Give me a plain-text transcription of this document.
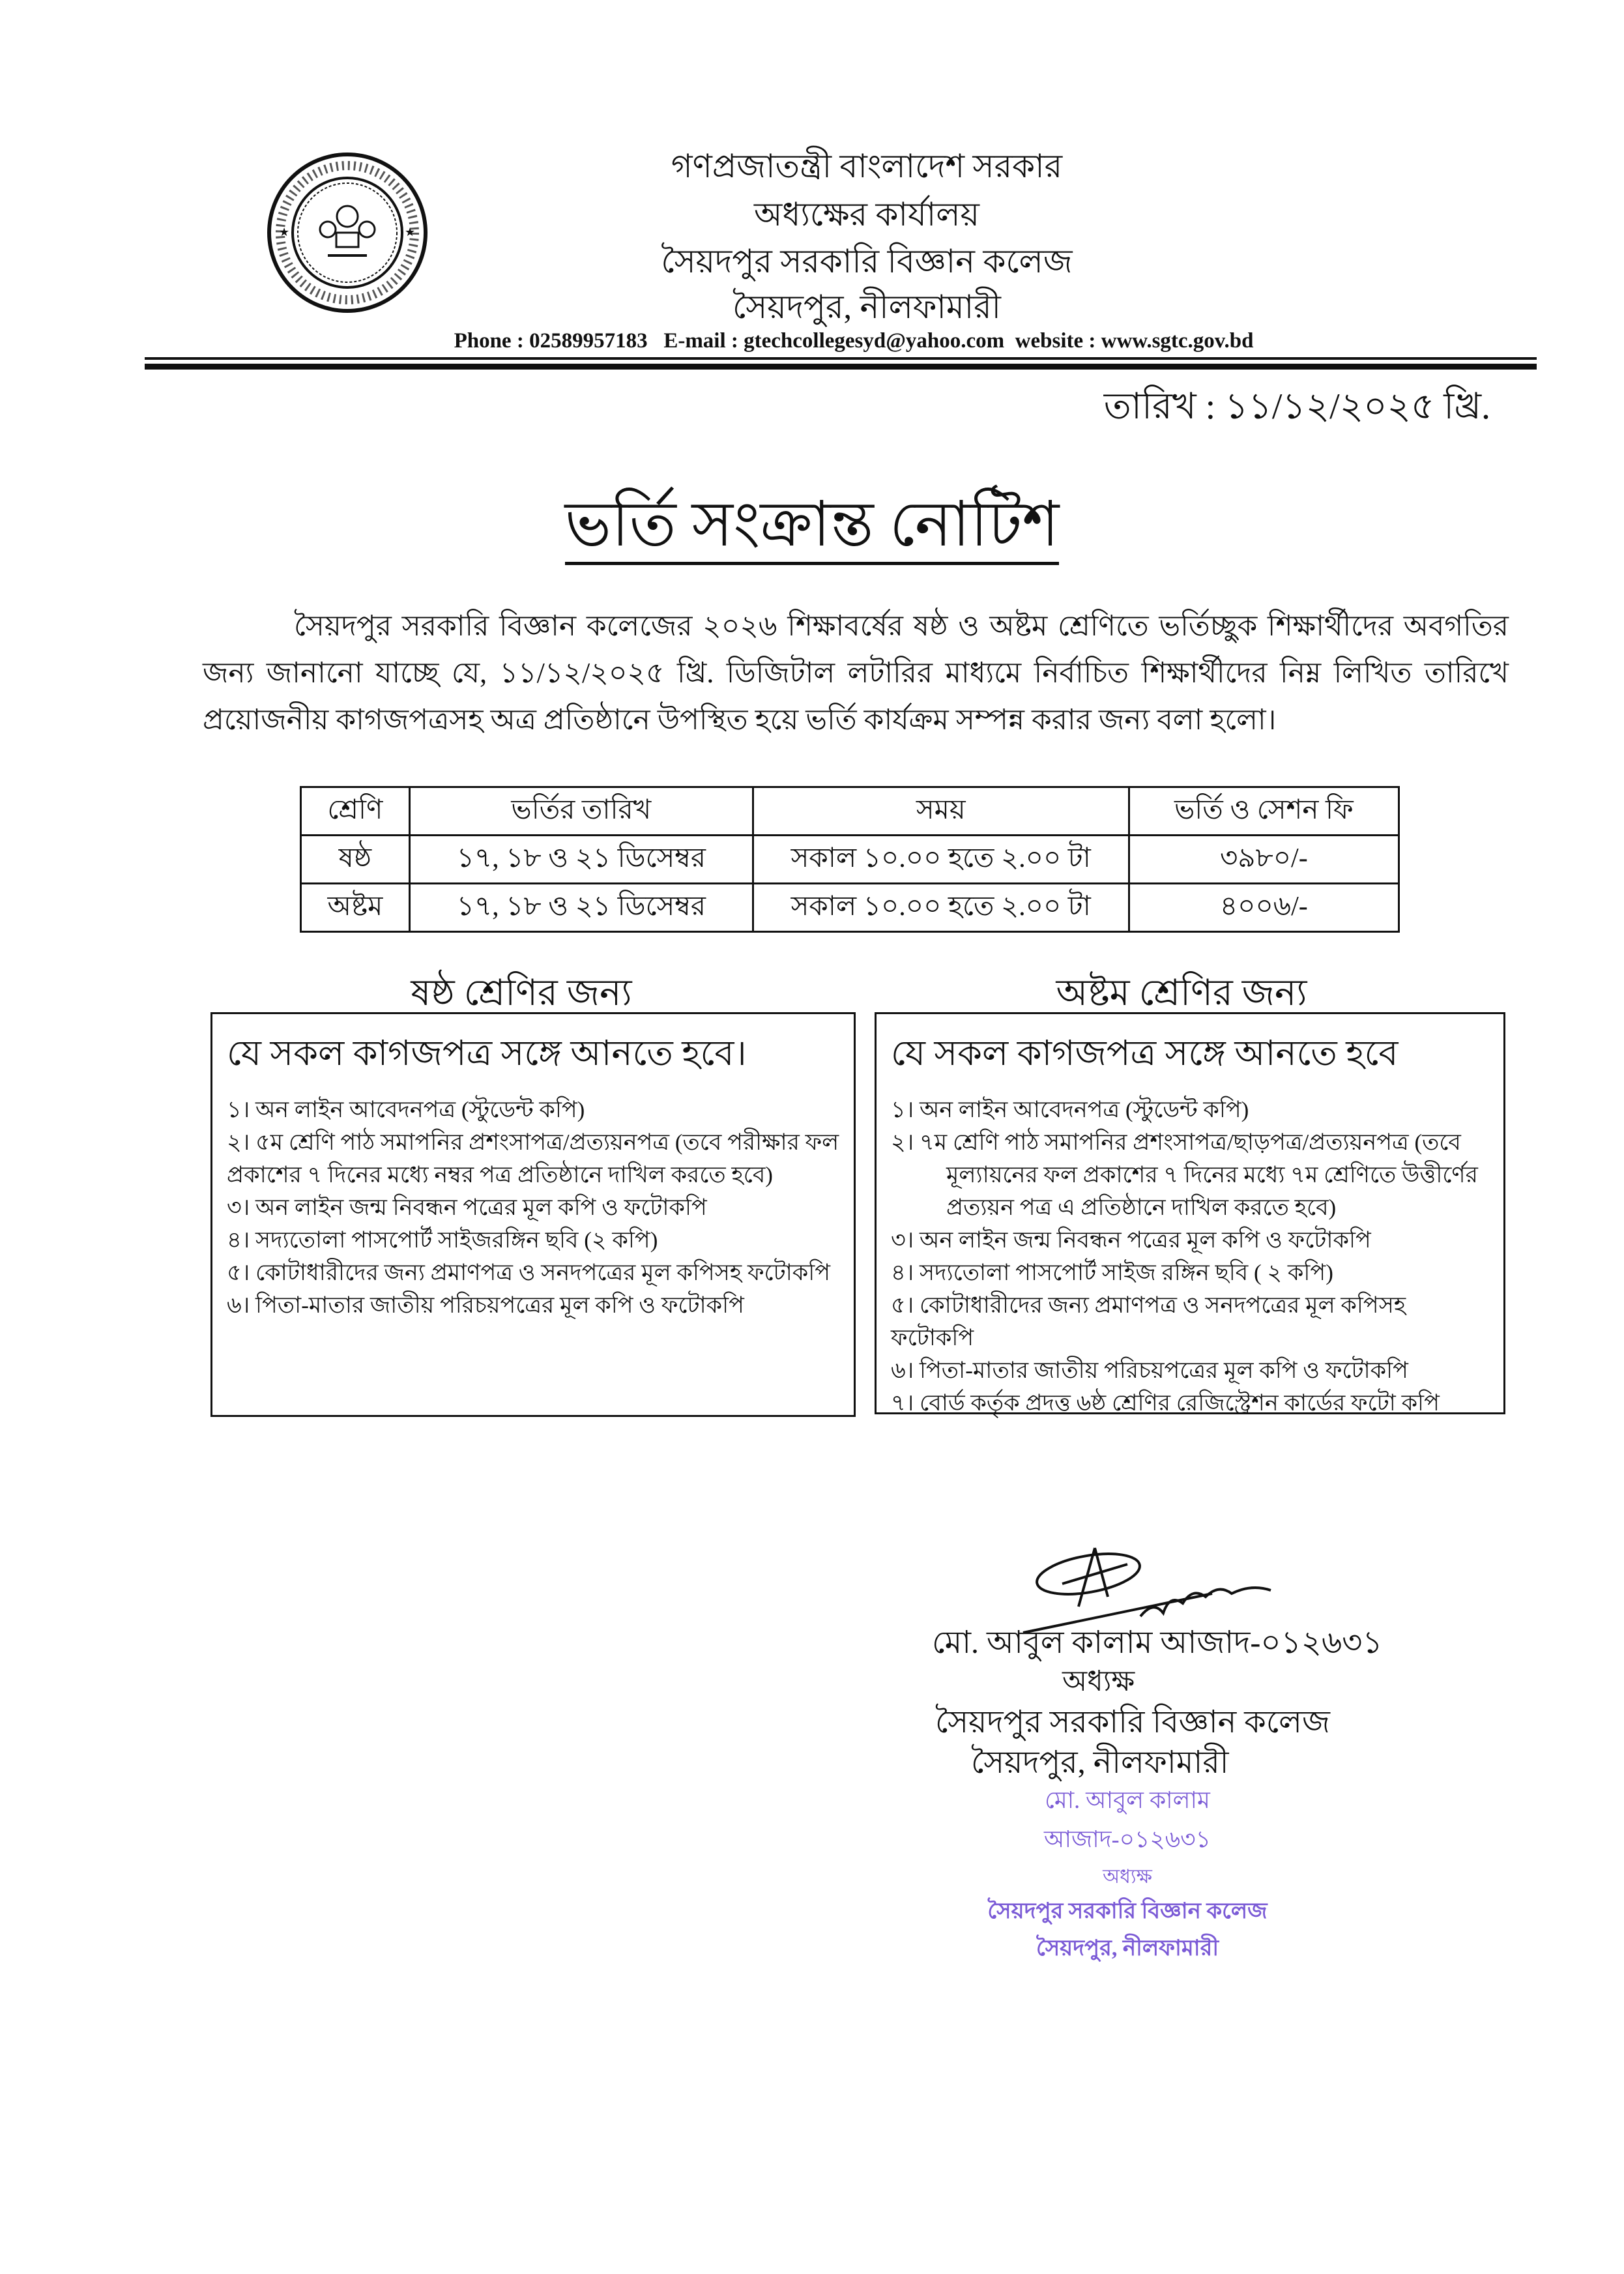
★	★
গণপ্রজাতন্ত্রী বাংলাদেশ সরকার
অধ্যক্ষের কার্যালয়
সৈয়দপুর সরকারি বিজ্ঞান কলেজ
সৈয়দপুর, নীলফামারী
Phone : 02589957183   E-mail : gtechcollegesyd@yahoo.com  website : www.sgtc.gov.bd
তারিখ : ১১/১২/২০২৫ খ্রি.
ভর্তি সংক্রান্ত নোটিশ
সৈয়দপুর সরকারি বিজ্ঞান কলেজের ২০২৬ শিক্ষাবর্ষের ষষ্ঠ ও অষ্টম শ্রেণিতে ভর্তিচ্ছুক শিক্ষার্থীদের অবগতির জন্য জানানো যাচ্ছে যে, ১১/১২/২০২৫ খ্রি. ডিজিটাল লটারির মাধ্যমে নির্বাচিত শিক্ষার্থীদের নিম্ন লিখিত তারিখে প্রয়োজনীয় কাগজপত্রসহ অত্র প্রতিষ্ঠানে উপস্থিত হয়ে ভর্তি কার্যক্রম সম্পন্ন করার জন্য বলা হলো।
শ্রেণি	ভর্তির তারিখ	সময়	ভর্তি ও সেশন ফি
ষষ্ঠ	১৭, ১৮ ও ২১ ডিসেম্বর	সকাল ১০.০০ হতে ২.০০ টা	৩৯৮০/-
অষ্টম	১৭, ১৮ ও ২১ ডিসেম্বর	সকাল ১০.০০ হতে ২.০০ টা	৪০০৬/-
ষষ্ঠ শ্রেণির জন্য	অষ্টম শ্রেণির জন্য
যে সকল কাগজপত্র সঙ্গে আনতে হবে।
১। অন লাইন আবেদনপত্র (স্টুডেন্ট কপি)
২। ৫ম শ্রেণি পাঠ সমাপনির প্রশংসাপত্র/প্রত্যয়নপত্র (তবে পরীক্ষার ফল প্রকাশের ৭ দিনের মধ্যে নম্বর পত্র প্রতিষ্ঠানে দাখিল করতে হবে)
৩। অন লাইন জন্ম নিবন্ধন পত্রের মূল কপি ও ফটোকপি
৪। সদ্যতোলা পাসপোর্ট সাইজরঙ্গিন ছবি (২ কপি)
৫। কোটাধারীদের জন্য প্রমাণপত্র ও সনদপত্রের মূল কপিসহ ফটোকপি
৬। পিতা-মাতার জাতীয় পরিচয়পত্রের মূল কপি ও ফটোকপি
যে সকল কাগজপত্র সঙ্গে আনতে হবে
১। অন লাইন আবেদনপত্র (স্টুডেন্ট কপি)
২। ৭ম শ্রেণি পাঠ সমাপনির প্রশংসাপত্র/ছাড়পত্র/প্রত্যয়নপত্র (তবে
মূল্যায়নের ফল প্রকাশের ৭ দিনের মধ্যে ৭ম শ্রেণিতে উত্তীর্ণের
প্রত্যয়ন পত্র এ প্রতিষ্ঠানে দাখিল করতে হবে)
৩। অন লাইন জন্ম নিবন্ধন পত্রের মূল কপি ও ফটোকপি
৪। সদ্যতোলা পাসপোর্ট সাইজ রঙ্গিন ছবি ( ২ কপি)
৫। কোটাধারীদের জন্য প্রমাণপত্র ও সনদপত্রের মূল কপিসহ ফটোকপি
৬। পিতা-মাতার জাতীয় পরিচয়পত্রের মূল কপি ও ফটোকপি
৭। বোর্ড কর্তৃক প্রদত্ত ৬ষ্ঠ শ্রেণির রেজিস্ট্রেশন কার্ডের ফটো কপি
মো. আবুল কালাম আজাদ-০১২৬৩১
অধ্যক্ষ
সৈয়দপুর সরকারি বিজ্ঞান কলেজ
সৈয়দপুর, নীলফামারী
মো. আবুল কালাম আজাদ-০১২৬৩১
অধ্যক্ষ
সৈয়দপুর সরকারি বিজ্ঞান কলেজ
সৈয়দপুর, নীলফামারী
